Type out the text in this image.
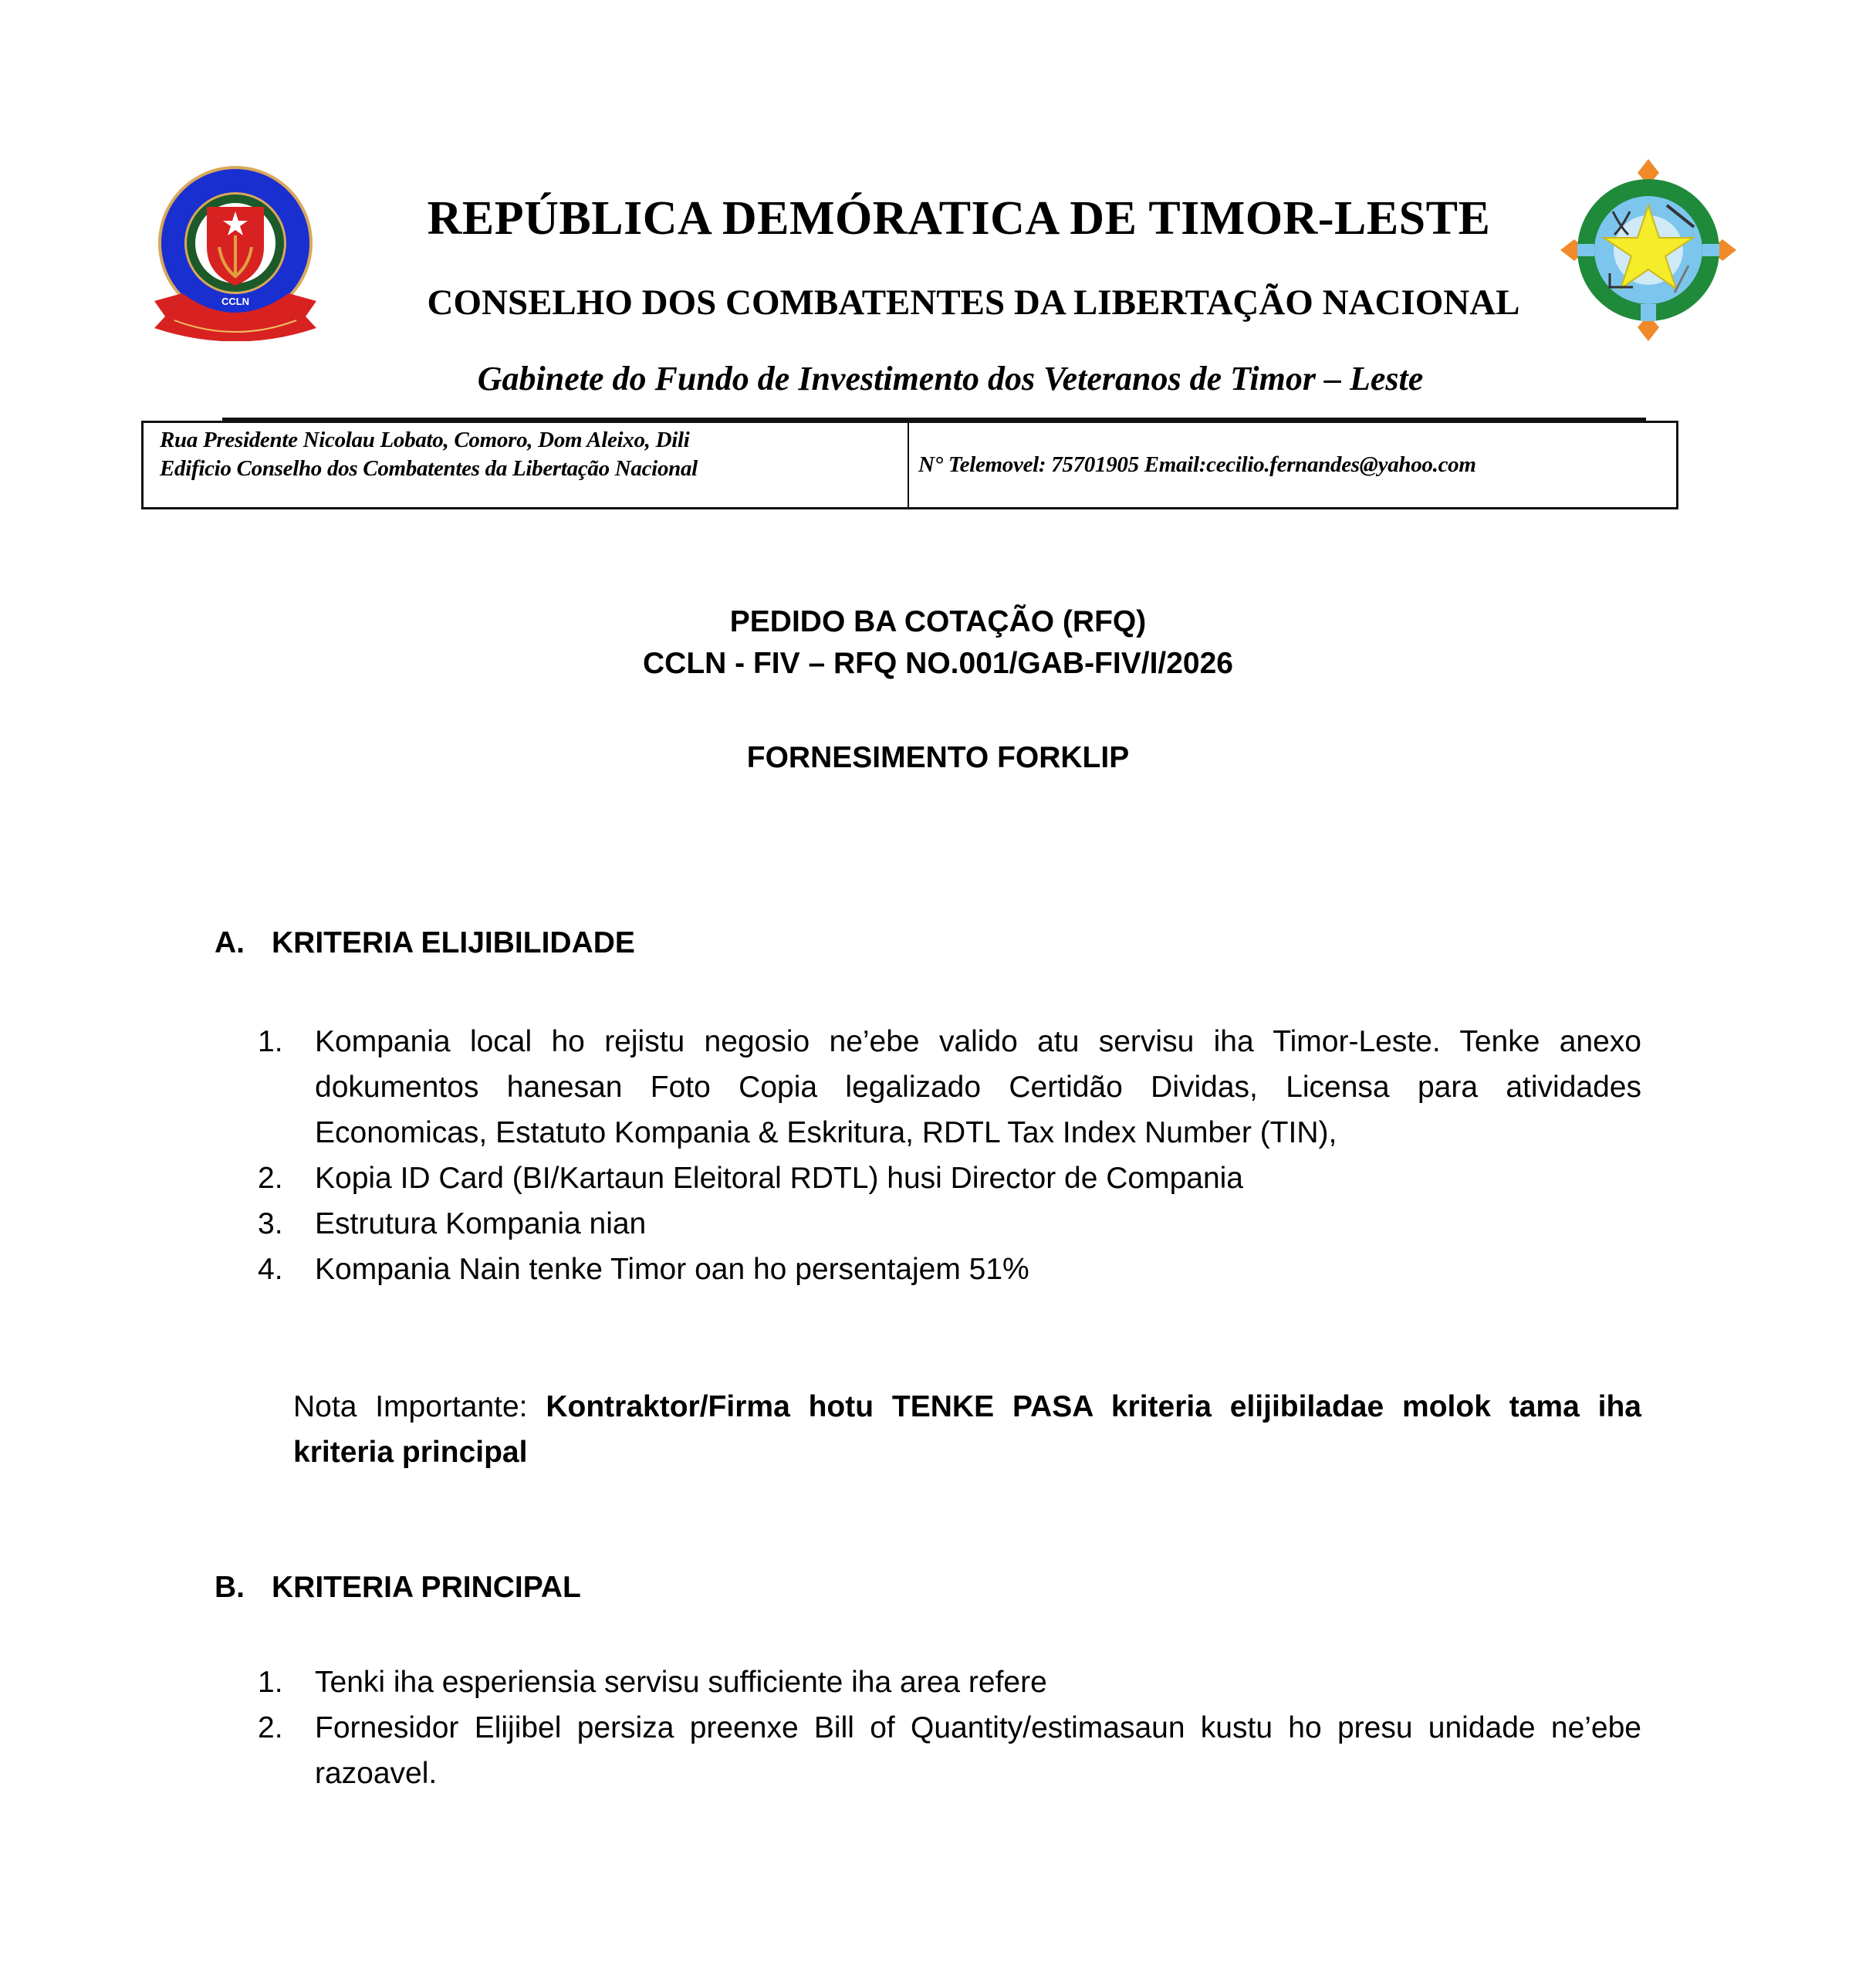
CCLN
REPÚBLICA DEMÓRATICA DE TIMOR-LESTE
CONSELHO DOS COMBATENTES DA LIBERTAÇÃO NACIONAL
Gabinete do Fundo de Investimento dos Veteranos de Timor – Leste
Rua Presidente Nicolau Lobato, Comoro, Dom Aleixo, Dili
Edificio Conselho dos Combatentes da Libertação Nacional	N° Telemovel: 75701905 Email:cecilio.fernandes@yahoo.com
PEDIDO BA COTAÇÃO (RFQ)
CCLN - FIV – RFQ NO.001/GAB-FIV/I/2026
FORNESIMENTO FORKLIP
A. KRITERIA ELIJIBILIDADE
1.	Kompania local ho rejistu negosio ne’ebe valido atu servisu iha Timor-Leste. Tenke anexo dokumentos hanesan Foto Copia legalizado Certidão Dividas, Licensa para atividades Economicas, Estatuto Kompania & Eskritura, RDTL Tax Index Number (TIN),
2.	Kopia ID Card (BI/Kartaun Eleitoral RDTL) husi Director de Compania
3.	Estrutura Kompania nian
4.	Kompania Nain tenke Timor oan ho persentajem 51%
Nota Importante: Kontraktor/Firma hotu TENKE PASA kriteria elijibiladae molok tama iha kriteria principal
B. KRITERIA PRINCIPAL
1.	Tenki iha esperiensia servisu sufficiente iha area refere
2.	Fornesidor Elijibel persiza preenxe Bill of Quantity/estimasaun kustu ho presu unidade ne’ebe razoavel.
